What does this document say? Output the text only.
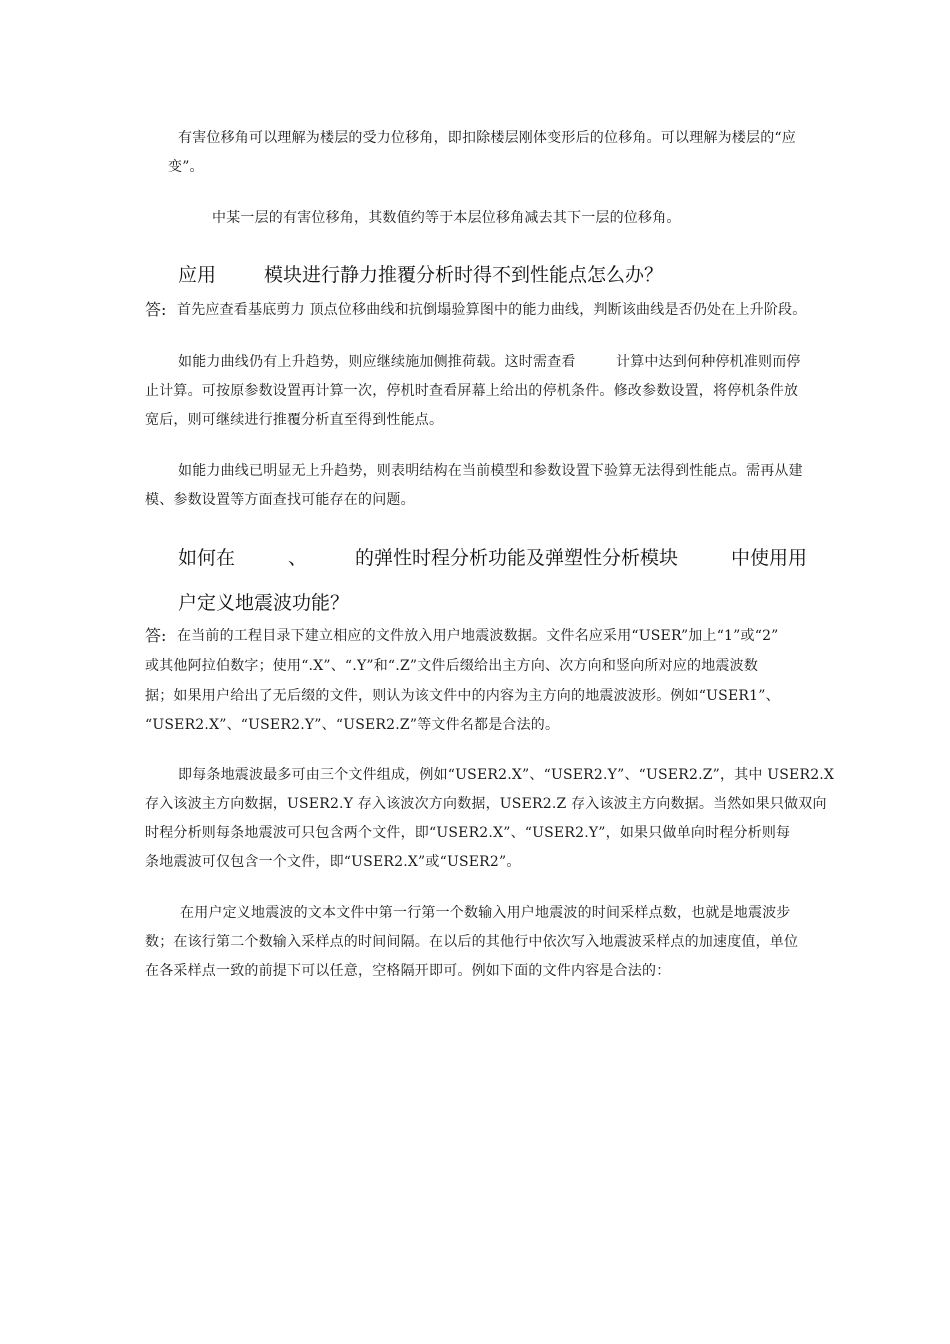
有害位移角可以理解为楼层的受力位移角，即扣除楼层刚体变形后的位移角。可以理解为楼层的“应
变”。
中某一层的有害位移角，其数值约等于本层位移角减去其下一层的位移角。
应用	模块进行静力推覆分析时得不到性能点怎么办？
答: 首先应查看基底剪力 顶点位移曲线和抗倒塌验算图中的能力曲线，判断该曲线是否仍处在上升阶段。
如能力曲线仍有上升趋势，则应继续施加侧推荷载。这时需查看	计算中达到何种停机准则而停
止计算。可按原参数设置再计算一次，停机时查看屏幕上给出的停机条件。修改参数设置，将停机条件放
宽后，则可继续进行推覆分析直至得到性能点。
如能力曲线已明显无上升趋势，则表明结构在当前模型和参数设置下验算无法得到性能点。需再从建
模、参数设置等方面查找可能存在的问题。
如何在	、	的弹性时程分析功能及弹塑性分析模块	中使用用
户定义地震波功能？
答: 在当前的工程目录下建立相应的文件放入用户地震波数据。文件名应采用“USER”加上“1”或“2”
或其他阿拉伯数字；使用“.X”、“.Y”和“.Z”文件后缀给出主方向、次方向和竖向所对应的地震波数
据；如果用户给出了无后缀的文件，则认为该文件中的内容为主方向的地震波波形。例如“USER1”、
“USER2.X”、“USER2.Y”、“USER2.Z”等文件名都是合法的。
即每条地震波最多可由三个文件组成，例如“USER2.X”、“USER2.Y”、“USER2.Z”，其中 USER2.X
存入该波主方向数据，USER2.Y 存入该波次方向数据，USER2.Z 存入该波主方向数据。当然如果只做双向
时程分析则每条地震波可只包含两个文件，即“USER2.X”、“USER2.Y”，如果只做单向时程分析则每
条地震波可仅包含一个文件，即“USER2.X”或“USER2”。
在用户定义地震波的文本文件中第一行第一个数输入用户地震波的时间采样点数，也就是地震波步
数；在该行第二个数输入采样点的时间间隔。在以后的其他行中依次写入地震波采样点的加速度值，单位
在各采样点一致的前提下可以任意，空格隔开即可。例如下面的文件内容是合法的：
